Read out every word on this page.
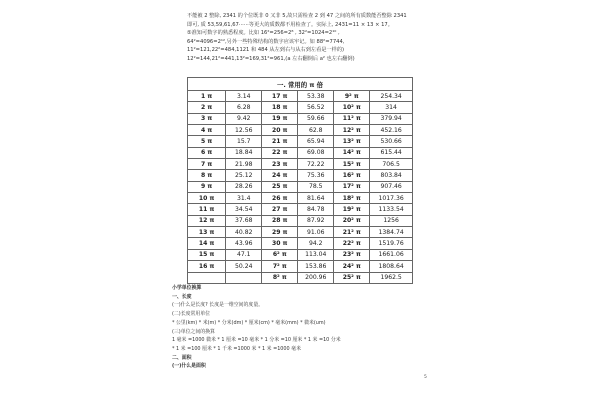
不能被 2 整除, 2341 的个位既非 0 又非 5,故只需检查 2 到 47 之间的所有质数能否整除 2341
即可, 质 53,59,61,67······等更大的质数都不用检查了。实际上, 2431=11 × 13 × 17。
⑤准知可数字的熟悉程度。比如 16²=256=2⁸ , 32²=1024=2¹⁰ ,
64²=4096=2¹²,另外一些特殊结构的数字应该牢记。如 88²=7744,
11²=121,22²=484,1121 和 484 从左到右与从右到左看是一样的)
12²=144,21²=441,13²=169,31²=961,(a 左右翻倒后 a² 也左右翻倒)
一. 常用的 π 倍					
1 π	3.14	17 π	53.38	9² π	254.34
2 π	6.28	18 π	56.52	10² π	314
3 π	9.42	19 π	59.66	11² π	379.94
4 π	12.56	20 π	62.8	12² π	452.16
5 π	15.7	21 π	65.94	13² π	530.66
6 π	18.84	22 π	69.08	14² π	615.44
7 π	21.98	23 π	72.22	15² π	706.5
8 π	25.12	24 π	75.36	16² π	803.84
9 π	28.26	25 π	78.5	17² π	907.46
10 π	31.4	26 π	81.64	18² π	1017.36
11 π	34.54	27 π	84.78	19² π	1133.54
12 π	37.68	28 π	87.92	20² π	1256
13 π	40.82	29 π	91.06	21² π	1384.74
14 π	43.96	30 π	94.2	22² π	1519.76
15 π	47.1	6² π	113.04	23² π	1661.06
16 π	50.24	7² π	153.86	24² π	1808.64
		8² π	200.96	25² π	1962.5
小学单位换算
一、长度
(一)什么是长度? 长度是一维空间的度量。
(二)长度常用单位
* 公里(km) * 米(m) * 分米(dm) * 厘米(cm) * 毫米(mm) * 微米(um)
(三)单位之间的换算
1 毫米 =1000 微米 * 1 厘米 =10 毫米 * 1 分米 =10 厘米 * 1 米 =10 分米
* 1 米 =100 厘米 * 1 千米 =1000 米 * 1 米 =1000 毫米
二、面积
(一)什么是面积
5
